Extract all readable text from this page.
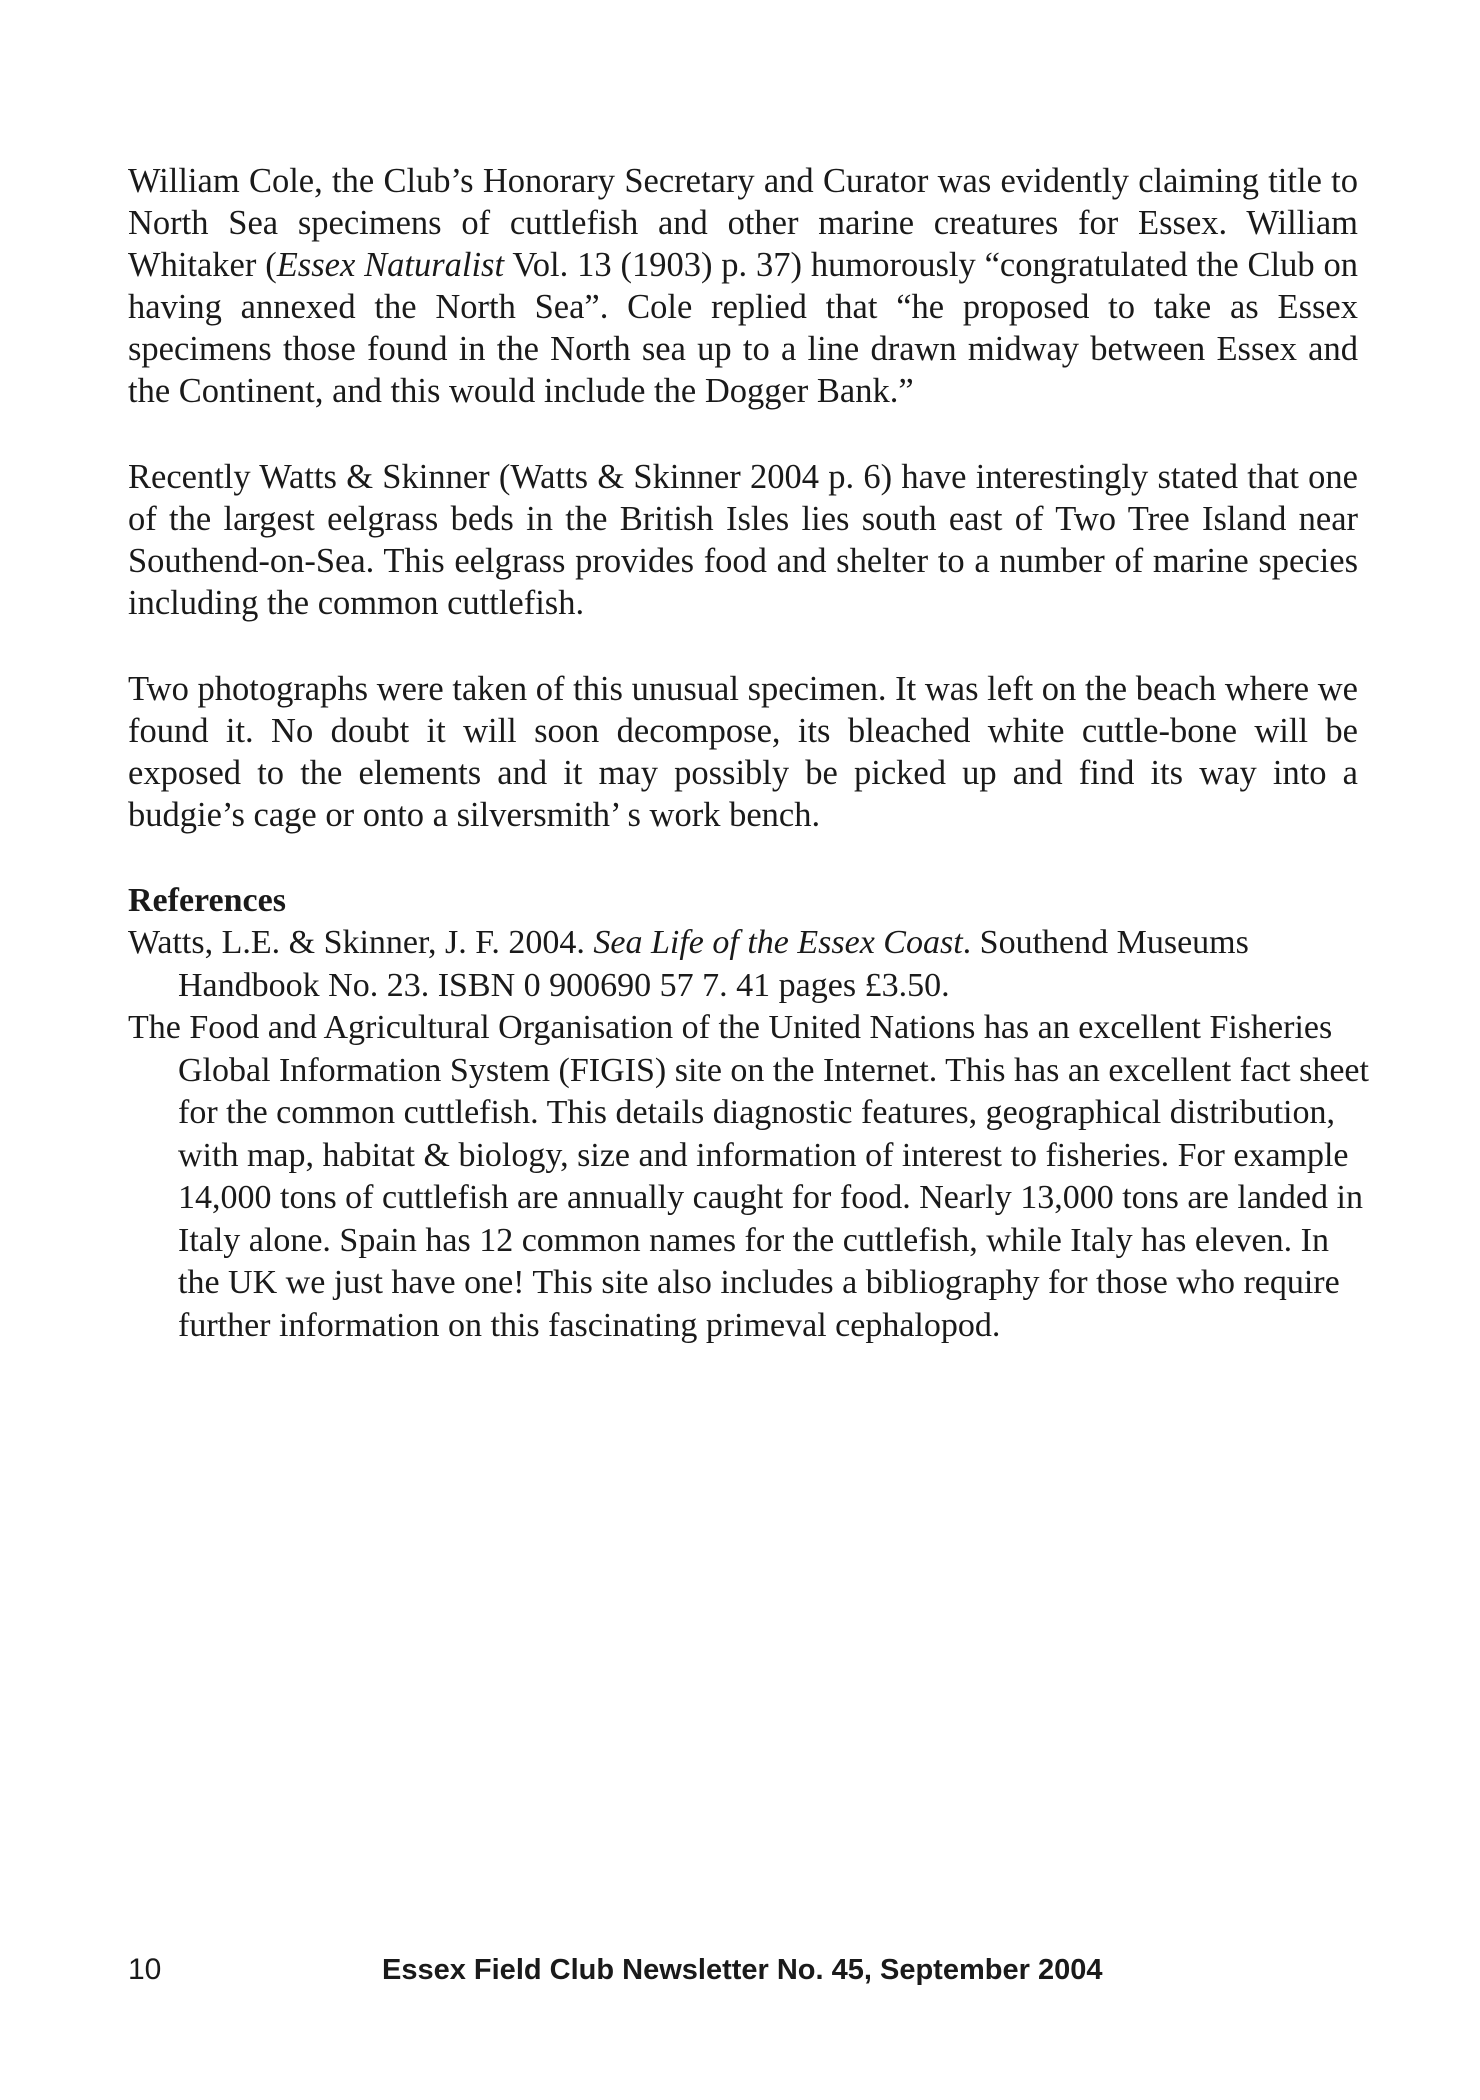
William Cole, the Club’s Honorary Secretary and Curator was evidently claiming title to North Sea specimens of cuttlefish and other marine creatures for Essex. William Whitaker (Essex Naturalist Vol. 13 (1903) p. 37) humorously “congratulated the Club on having annexed the North Sea”. Cole replied that “he proposed to take as Essex specimens those found in the North sea up to a line drawn midway between Essex and the Continent, and this would include the Dogger Bank.”

Recently Watts & Skinner (Watts & Skinner 2004 p. 6) have interestingly stated that one of the largest eelgrass beds in the British Isles lies south east of Two Tree Island near Southend-on-Sea. This eelgrass provides food and shelter to a number of marine species including the common cuttlefish.

Two photographs were taken of this unusual specimen. It was left on the beach where we found it. No doubt it will soon decompose, its bleached white cuttle-bone will be exposed to the elements and it may possibly be picked up and find its way into a budgie’s cage or onto a silversmith’ s work bench.

References
Watts, L.E. & Skinner, J. F. 2004. Sea Life of the Essex Coast. Southend Museums Handbook No. 23. ISBN 0 900690 57 7. 41 pages £3.50.
The Food and Agricultural Organisation of the United Nations has an excellent Fisheries Global Information System (FIGIS) site on the Internet. This has an excellent fact sheet for the common cuttlefish. This details diagnostic features, geographical distribution, with map, habitat & biology, size and information of interest to fisheries. For example 14,000 tons of cuttlefish are annually caught for food. Nearly 13,000 tons are landed in Italy alone. Spain has 12 common names for the cuttlefish, while Italy has eleven. In the UK we just have one! This site also includes a bibliography for those who require further information on this fascinating primeval cephalopod.
10	Essex Field Club Newsletter No. 45, September 2004
